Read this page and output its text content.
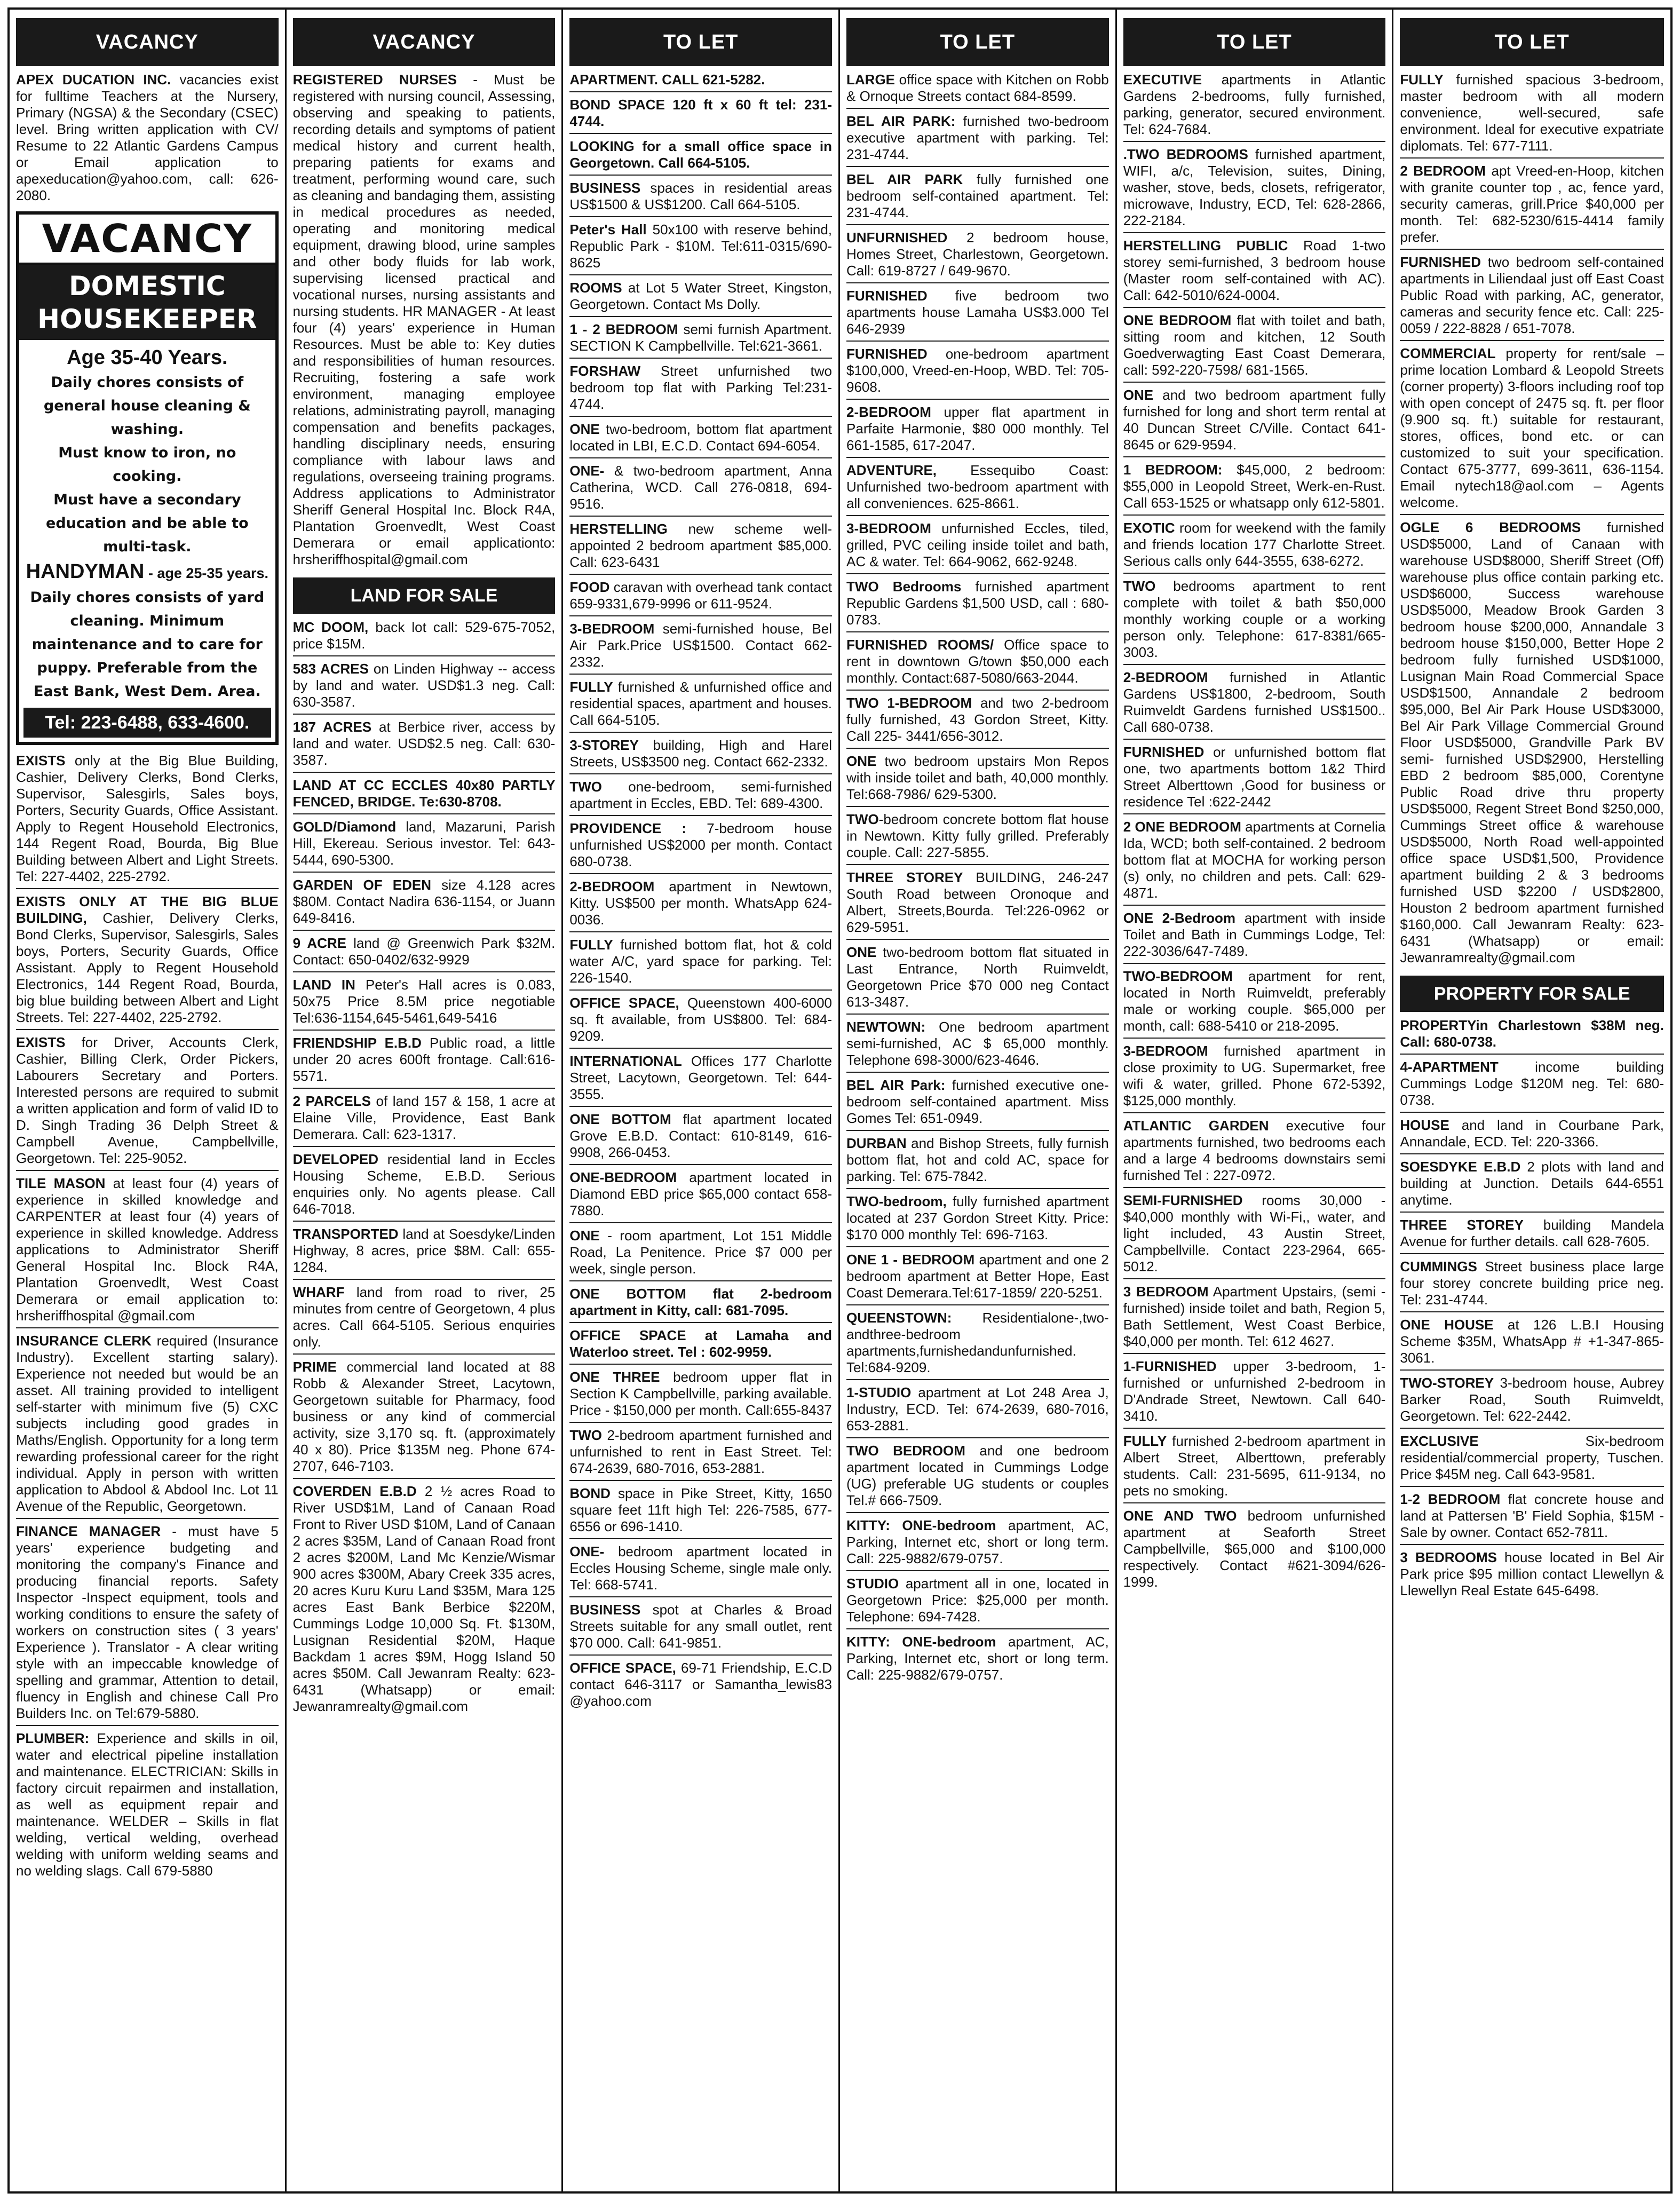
VACANCY

APEX DUCATION INC. vacancies exist for fulltime Teachers at the Nursery, Primary (NGSA) & the Secondary (CSEC) level. Bring written application with CV/ Resume to 22 Atlantic Gardens Campus or Email application to apexeducation@yahoo.com, call: 626-2080.

VACANCY
DOMESTIC
HOUSEKEEPER
Age 35-40 Years.
Daily chores consists of general house cleaning & washing.
Must know to iron, no cooking.
Must have a secondary education and be able to multi-task.
HANDYMAN - age 25-35 years.
Daily chores consists of yard cleaning. Minimum maintenance and to care for puppy. Preferable from the East Bank, West Dem. Area.
Tel: 223-6488, 633-4600.

EXISTS only at the Big Blue Building, Cashier, Delivery Clerks, Bond Clerks, Supervisor, Salesgirls, Sales boys, Porters, Security Guards, Office Assistant. Apply to Regent Household Electronics, 144 Regent Road, Bourda, Big Blue Building between Albert and Light Streets. Tel: 227-4402, 225-2792.

EXISTS ONLY AT THE BIG BLUE BUILDING, Cashier, Delivery Clerks, Bond Clerks, Supervisor, Salesgirls, Sales boys, Porters, Security Guards, Office Assistant. Apply to Regent Household Electronics, 144 Regent Road, Bourda, big blue building between Albert and Light Streets. Tel: 227-4402, 225-2792.

EXISTS for Driver, Accounts Clerk, Cashier, Billing Clerk, Order Pickers, Labourers Secretary and Porters. Interested persons are required to submit a written application and form of valid ID to D. Singh Trading 36 Delph Street & Campbell Avenue, Campbellville, Georgetown. Tel: 225-9052.

TILE MASON at least four (4) years of experience in skilled knowledge and CARPENTER at least four (4) years of experience in skilled knowledge. Address applications to Administrator Sheriff General Hospital Inc. Block R4A, Plantation Groenvedlt, West Coast Demerara or email application to: hrsheriffhospital @gmail.com

INSURANCE CLERK required (Insurance Industry). Excellent starting salary). Experience not needed but would be an asset. All training provided to intelligent self-starter with minimum five (5) CXC subjects including good grades in Maths/English. Opportunity for a long term rewarding professional career for the right individual. Apply in person with written application to Abdool & Abdool Inc. Lot 11 Avenue of the Republic, Georgetown.

FINANCE MANAGER - must have 5 years' experience budgeting and monitoring the company's Finance and producing financial reports. Safety Inspector -Inspect equipment, tools and working conditions to ensure the safety of workers on construction sites ( 3 years' Experience ). Translator - A clear writing style with an impeccable knowledge of spelling and grammar, Attention to detail, fluency in English and chinese Call Pro Builders Inc. on Tel:679-5880.

PLUMBER: Experience and skills in oil, water and electrical pipeline installation and maintenance. ELECTRICIAN: Skills in factory circuit repairmen and installation, as well as equipment repair and maintenance. WELDER – Skills in flat welding, vertical welding, overhead welding with uniform welding seams and no welding slags. Call 679-5880

VACANCY

REGISTERED NURSES - Must be registered with nursing council, Assessing, observing and speaking to patients, recording details and symptoms of patient medical history and current health, preparing patients for exams and treatment, performing wound care, such as cleaning and bandaging them, assisting in medical procedures as needed, operating and monitoring medical equipment, drawing blood, urine samples and other body fluids for lab work, supervising licensed practical and vocational nurses, nursing assistants and nursing students. HR MANAGER - At least four (4) years' experience in Human Resources. Must be able to: Key duties and responsibilities of human resources. Recruiting, fostering a safe work environment, managing employee relations, administrating payroll, managing compensation and benefits packages, handling disciplinary needs, ensuring compliance with labour laws and regulations, overseeing training programs. Address applications to Administrator Sheriff General Hospital Inc. Block R4A, Plantation Groenvedlt, West Coast Demerara or email applicationto: hrsheriffhospital@gmail.com

LAND FOR SALE

MC DOOM, back lot call: 529-675-7052, price $15M.

583 ACRES on Linden Highway -- access by land and water. USD$1.3 neg. Call: 630-3587.

187 ACRES at Berbice river, access by land and water. USD$2.5 neg. Call: 630-3587.

LAND AT CC ECCLES 40x80 PARTLY FENCED, BRIDGE. Te:630-8708.

GOLD/Diamond land, Mazaruni, Parish Hill, Ekereau. Serious investor. Tel: 643-5444, 690-5300.

GARDEN OF EDEN size 4.128 acres $80M. Contact Nadira 636-1154, or Juann 649-8416.

9 ACRE land @ Greenwich Park $32M. Contact: 650-0402/632-9929

LAND IN Peter's Hall acres is 0.083, 50x75 Price 8.5M price negotiable Tel:636-1154,645-5461,649-5416

FRIENDSHIP E.B.D Public road, a little under 20 acres 600ft frontage. Call:616-5571.

2 PARCELS of land 157 & 158, 1 acre at Elaine Ville, Providence, East Bank Demerara. Call: 623-1317.

DEVELOPED residential land in Eccles Housing Scheme, E.B.D. Serious enquiries only. No agents please. Call 646-7018.

TRANSPORTED land at Soesdyke/Linden Highway, 8 acres, price $8M. Call: 655-1284.

WHARF land from road to river, 25 minutes from centre of Georgetown, 4 plus acres. Call 664-5105. Serious enquiries only.

PRIME commercial land located at 88 Robb & Alexander Street, Lacytown, Georgetown suitable for Pharmacy, food business or any kind of commercial activity, size 3,170 sq. ft. (approximately 40 x 80). Price $135M neg. Phone 674-2707, 646-7103.

COVERDEN E.B.D 2 ½ acres Road to River USD$1M, Land of Canaan Road Front to River USD $10M, Land of Canaan 2 acres $35M, Land of Canaan Road front 2 acres $200M, Land Mc Kenzie/Wismar 900 acres $300M, Abary Creek 335 acres, 20 acres Kuru Kuru Land $35M, Mara 125 acres East Bank Berbice $220M, Cummings Lodge 10,000 Sq. Ft. $130M, Lusignan Residential $20M, Haque Backdam 1 acres $9M, Hogg Island 50 acres $50M. Call Jewanram Realty: 623-6431 (Whatsapp) or email: Jewanramrealty@gmail.com

TO LET

APARTMENT. CALL 621-5282.

BOND SPACE 120 ft x 60 ft tel: 231-4744.

LOOKING for a small office space in Georgetown. Call 664-5105.

BUSINESS spaces in residential areas US$1500 & US$1200. Call 664-5105.

Peter's Hall 50x100 with reserve behind, Republic Park - $10M. Tel:611-0315/690-8625

ROOMS at Lot 5 Water Street, Kingston, Georgetown. Contact Ms Dolly.

1 - 2 BEDROOM semi furnish Apartment. SECTION K Campbellville. Tel:621-3661.

FORSHAW Street unfurnished two bedroom top flat with Parking Tel:231-4744.

ONE two-bedroom, bottom flat apartment located in LBI, E.C.D. Contact 694-6054.

ONE- & two-bedroom apartment, Anna Catherina, WCD. Call 276-0818, 694-9516.

HERSTELLING new scheme well-appointed 2 bedroom apartment $85,000. Call: 623-6431

FOOD caravan with overhead tank contact 659-9331,679-9996 or 611-9524.

3-BEDROOM semi-furnished house, Bel Air Park.Price US$1500. Contact 662-2332.

FULLY furnished & unfurnished office and residential spaces, apartment and houses. Call 664-5105.

3-STOREY building, High and Harel Streets, US$3500 neg. Contact 662-2332.

TWO one-bedroom, semi-furnished apartment in Eccles, EBD. Tel: 689-4300.

PROVIDENCE : 7-bedroom house unfurnished US$2000 per month. Contact 680-0738.

2-BEDROOM apartment in Newtown, Kitty. US$500 per month. WhatsApp 624-0036.

FULLY furnished bottom flat, hot & cold water A/C, yard space for parking. Tel: 226-1540.

OFFICE SPACE, Queenstown 400-6000 sq. ft available, from US$800. Tel: 684-9209.

INTERNATIONAL Offices 177 Charlotte Street, Lacytown, Georgetown. Tel: 644-3555.

ONE BOTTOM flat apartment located Grove E.B.D. Contact: 610-8149, 616-9908, 266-0453.

ONE-BEDROOM apartment located in Diamond EBD price $65,000 contact 658-7880.

ONE - room apartment, Lot 151 Middle Road, La Penitence. Price $7 000 per week, single person.

ONE BOTTOM flat 2-bedroom apartment in Kitty, call: 681-7095.

OFFICE SPACE at Lamaha and Waterloo street. Tel : 602-9959.

ONE THREE bedroom upper flat in Section K Campbellville, parking available. Price - $150,000 per month. Call:655-8437

TWO 2-bedroom apartment furnished and unfurnished to rent in East Street. Tel: 674-2639, 680-7016, 653-2881.

BOND space in Pike Street, Kitty, 1650 square feet 11ft high Tel: 226-7585, 677-6556 or 696-1410.

ONE- bedroom apartment located in Eccles Housing Scheme, single male only. Tel: 668-5741.

BUSINESS spot at Charles & Broad Streets suitable for any small outlet, rent $70 000. Call: 641-9851.

OFFICE SPACE, 69-71 Friendship, E.C.D contact 646-3117 or Samantha_lewis83 @yahoo.com

TO LET

LARGE office space with Kitchen on Robb & Ornoque Streets contact 684-8599.

BEL AIR PARK: furnished two-bedroom executive apartment with parking. Tel: 231-4744.

BEL AIR PARK fully furnished one bedroom self-contained apartment. Tel: 231-4744.

UNFURNISHED 2 bedroom house, Homes Street, Charlestown, Georgetown. Call: 619-8727 / 649-9670.

FURNISHED five bedroom two apartments house Lamaha US$3.000 Tel 646-2939

FURNISHED one-bedroom apartment $100,000, Vreed-en-Hoop, WBD. Tel: 705-9608.

2-BEDROOM upper flat apartment in Parfaite Harmonie, $80 000 monthly. Tel 661-1585, 617-2047.

ADVENTURE, Essequibo Coast: Unfurnished two-bedroom apartment with all conveniences. 625-8661.

3-BEDROOM unfurnished Eccles, tiled, grilled, PVC ceiling inside toilet and bath, AC & water. Tel: 664-9062, 662-9248.

TWO Bedrooms furnished apartment Republic Gardens $1,500 USD, call : 680-0783.

FURNISHED ROOMS/ Office space to rent in downtown G/town $50,000 each monthly. Contact:687-5080/663-2044.

TWO 1-BEDROOM and two 2-bedroom fully furnished, 43 Gordon Street, Kitty. Call 225- 3441/656-3012.

ONE two bedroom upstairs Mon Repos with inside toilet and bath, 40,000 monthly. Tel:668-7986/ 629-5300.

TWO-bedroom concrete bottom flat house in Newtown. Kitty fully grilled. Preferably couple. Call: 227-5855.

THREE STOREY BUILDING, 246-247 South Road between Oronoque and Albert, Streets,Bourda. Tel:226-0962 or 629-5951.

ONE two-bedroom bottom flat situated in Last Entrance, North Ruimveldt, Georgetown Price $70 000 neg Contact 613-3487.

NEWTOWN: One bedroom apartment semi-furnished, AC $ 65,000 monthly. Telephone 698-3000/623-4646.

BEL AIR Park: furnished executive one-bedroom self-contained apartment. Miss Gomes Tel: 651-0949.

DURBAN and Bishop Streets, fully furnish bottom flat, hot and cold AC, space for parking. Tel: 675-7842.

TWO-bedroom, fully furnished apartment located at 237 Gordon Street Kitty. Price: $170 000 monthly Tel: 696-7163.

ONE 1 - BEDROOM apartment and one 2 bedroom apartment at Better Hope, East Coast Demerara.Tel:617-1859/ 220-5251.

QUEENSTOWN: Residentialone-,two-andthree-bedroom apartments,furnishedandunfurnished. Tel:684-9209.

1-STUDIO apartment at Lot 248 Area J, Industry, ECD. Tel: 674-2639, 680-7016, 653-2881.

TWO BEDROOM and one bedroom apartment located in Cummings Lodge (UG) preferable UG students or couples Tel.# 666-7509.

KITTY: ONE-bedroom apartment, AC, Parking, Internet etc, short or long term. Call: 225-9882/679-0757.

STUDIO apartment all in one, located in Georgetown Price: $25,000 per month. Telephone: 694-7428.

KITTY: ONE-bedroom apartment, AC, Parking, Internet etc, short or long term. Call: 225-9882/679-0757.

TO LET

EXECUTIVE apartments in Atlantic Gardens 2-bedrooms, fully furnished, parking, generator, secured environment. Tel: 624-7684.

.TWO BEDROOMS furnished apartment, WIFI, a/c, Television, suites, Dining, washer, stove, beds, closets, refrigerator, microwave, Industry, ECD, Tel: 628-2866, 222-2184.

HERSTELLING PUBLIC Road 1-two storey semi-furnished, 3 bedroom house (Master room self-contained with AC). Call: 642-5010/624-0004.

ONE BEDROOM flat with toilet and bath, sitting room and kitchen, 12 South Goedverwagting East Coast Demerara, call: 592-220-7598/ 681-1565.

ONE and two bedroom apartment fully furnished for long and short term rental at 40 Duncan Street C/Ville. Contact 641-8645 or 629-9594.

1 BEDROOM: $45,000, 2 bedroom: $55,000 in Leopold Street, Werk-en-Rust. Call 653-1525 or whatsapp only 612-5801.

EXOTIC room for weekend with the family and friends location 177 Charlotte Street. Serious calls only 644-3555, 638-6272.

TWO bedrooms apartment to rent complete with toilet & bath $50,000 monthly working couple or a working person only. Telephone: 617-8381/665-3003.

2-BEDROOM furnished in Atlantic Gardens US$1800, 2-bedroom, South Ruimveldt Gardens furnished US$1500.. Call 680-0738.

FURNISHED or unfurnished bottom flat one, two apartments bottom 1&2 Third Street Alberttown ,Good for business or residence Tel :622-2442

2 ONE BEDROOM apartments at Cornelia Ida, WCD; both self-contained. 2 bedroom bottom flat at MOCHA for working person (s) only, no children and pets. Call: 629-4871.

ONE 2-Bedroom apartment with inside Toilet and Bath in Cummings Lodge, Tel: 222-3036/647-7489.

TWO-BEDROOM apartment for rent, located in North Ruimveldt, preferably male or working couple. $65,000 per month, call: 688-5410 or 218-2095.

3-BEDROOM furnished apartment in close proximity to UG. Supermarket, free wifi & water, grilled. Phone 672-5392, $125,000 monthly.

ATLANTIC GARDEN executive four apartments furnished, two bedrooms each and a large 4 bedrooms downstairs semi furnished Tel : 227-0972.

SEMI-FURNISHED rooms 30,000 - $40,000 monthly with Wi-Fi,, water, and light included, 43 Austin Street, Campbellville. Contact 223-2964, 665-5012.

3 BEDROOM Apartment Upstairs, (semi - furnished) inside toilet and bath, Region 5, Bath Settlement, West Coast Berbice, $40,000 per month. Tel: 612 4627.

1-FURNISHED upper 3-bedroom, 1-furnished or unfurnished 2-bedroom in D'Andrade Street, Newtown. Call 640-3410.

FULLY furnished 2-bedroom apartment in Albert Street, Alberttown, preferably students. Call: 231-5695, 611-9134, no pets no smoking.

ONE AND TWO bedroom unfurnished apartment at Seaforth Street Campbellville, $65,000 and $100,000 respectively. Contact #621-3094/626-1999.

TO LET

FULLY furnished spacious 3-bedroom, master bedroom with all modern convenience, well-secured, safe environment. Ideal for executive expatriate diplomats. Tel: 677-7111.

2 BEDROOM apt Vreed-en-Hoop, kitchen with granite counter top , ac, fence yard, security cameras, grill.Price $40,000 per month. Tel: 682-5230/615-4414 family prefer.

FURNISHED two bedroom self-contained apartments in Liliendaal just off East Coast Public Road with parking, AC, generator, cameras and security fence etc. Call: 225-0059 / 222-8828 / 651-7078.

COMMERCIAL property for rent/sale – prime location Lombard & Leopold Streets (corner property) 3-floors including roof top with open concept of 2475 sq. ft. per floor (9.900 sq. ft.) suitable for restaurant, stores, offices, bond etc. or can customized to suit your specification. Contact 675-3777, 699-3611, 636-1154. Email nytech18@aol.com – Agents welcome.

OGLE 6 BEDROOMS furnished USD$5000, Land of Canaan with warehouse USD$8000, Sheriff Street (Off) warehouse plus office contain parking etc. USD$6000, Success warehouse USD$5000, Meadow Brook Garden 3 bedroom house $200,000, Annandale 3 bedroom house $150,000, Better Hope 2 bedroom fully furnished USD$1000, Lusignan Main Road Commercial Space USD$1500, Annandale 2 bedroom $95,000, Bel Air Park House USD$3000, Bel Air Park Village Commercial Ground Floor USD$5000, Grandville Park BV semi- furnished USD$2900, Herstelling EBD 2 bedroom $85,000, Corentyne Public Road drive thru property USD$5000, Regent Street Bond $250,000, Cummings Street office & warehouse USD$5000, North Road well-appointed office space USD$1,500, Providence apartment building 2 & 3 bedrooms furnished USD $2200 / USD$2800, Houston 2 bedroom apartment furnished $160,000. Call Jewanram Realty: 623-6431 (Whatsapp) or email: Jewanramrealty@gmail.com

PROPERTY FOR SALE

PROPERTYin Charlestown $38M neg. Call: 680-0738.

4-APARTMENT income building Cummings Lodge $120M neg. Tel: 680-0738.

HOUSE and land in Courbane Park, Annandale, ECD. Tel: 220-3366.

SOESDYKE E.B.D 2 plots with land and building at Junction. Details 644-6551 anytime.

THREE STOREY building Mandela Avenue for further details. call 628-7605.

CUMMINGS Street business place large four storey concrete building price neg. Tel: 231-4744.

ONE HOUSE at 126 L.B.I Housing Scheme $35M, WhatsApp # +1-347-865-3061.

TWO-STOREY 3-bedroom house, Aubrey Barker Road, South Ruimveldt, Georgetown. Tel: 622-2442.

EXCLUSIVE Six-bedroom residential/commercial property, Tuschen. Price $45M neg. Call 643-9581.

1-2 BEDROOM flat concrete house and land at Pattersen 'B' Field Sophia, $15M - Sale by owner. Contact 652-7811.

3 BEDROOMS house located in Bel Air Park price $95 million contact Llewellyn & Llewellyn Real Estate 645-6498.
